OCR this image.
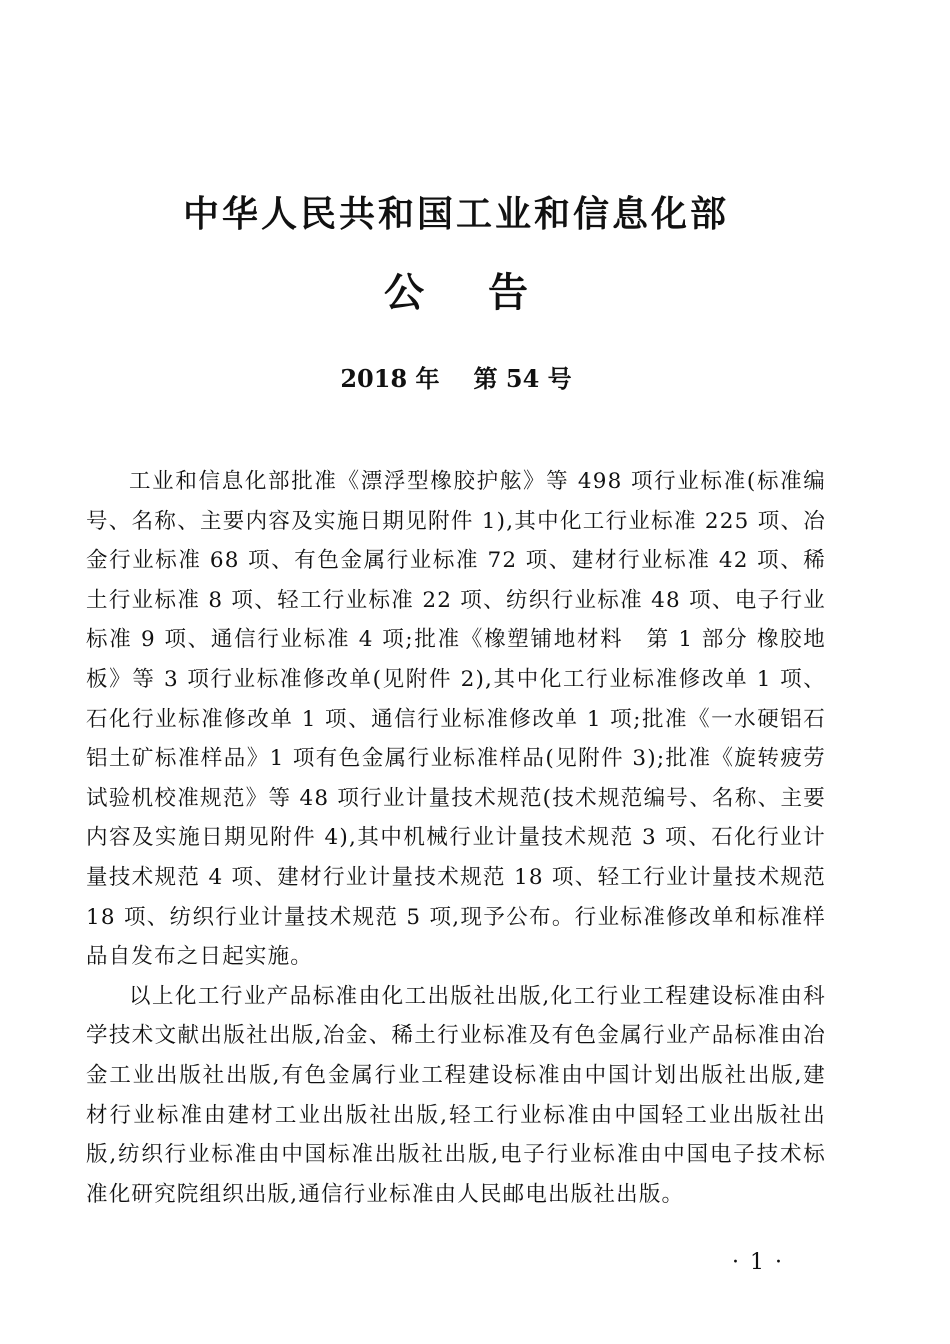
中华人民共和国工业和信息化部
公 告
2018 年 第 54 号

工业和信息化部批准《漂浮型橡胶护舷》等 498 项行业标准(标准编号、名称、主要内容及实施日期见附件 1),其中化工行业标准 225 项、冶金行业标准 68 项、有色金属行业标准 72 项、建材行业标准 42 项、稀土行业标准 8 项、轻工行业标准 22 项、纺织行业标准 48 项、电子行业标准 9 项、通信行业标准 4 项;批准《橡塑铺地材料　第 1 部分 橡胶地板》等 3 项行业标准修改单(见附件 2),其中化工行业标准修改单 1 项、石化行业标准修改单 1 项、通信行业标准修改单 1 项;批准《一水硬铝石铝土矿标准样品》1 项有色金属行业标准样品(见附件 3);批准《旋转疲劳试验机校准规范》等 48 项行业计量技术规范(技术规范编号、名称、主要内容及实施日期见附件 4),其中机械行业计量技术规范 3 项、石化行业计量技术规范 4 项、建材行业计量技术规范 18 项、轻工行业计量技术规范 18 项、纺织行业计量技术规范 5 项,现予公布。行业标准修改单和标准样品自发布之日起实施。

以上化工行业产品标准由化工出版社出版,化工行业工程建设标准由科学技术文献出版社出版,冶金、稀土行业标准及有色金属行业产品标准由冶金工业出版社出版,有色金属行业工程建设标准由中国计划出版社出版,建材行业标准由建材工业出版社出版,轻工行业标准由中国轻工业出版社出版,纺织行业标准由中国标准出版社出版,电子行业标准由中国电子技术标准化研究院组织出版,通信行业标准由人民邮电出版社出版。

· 1 ·
